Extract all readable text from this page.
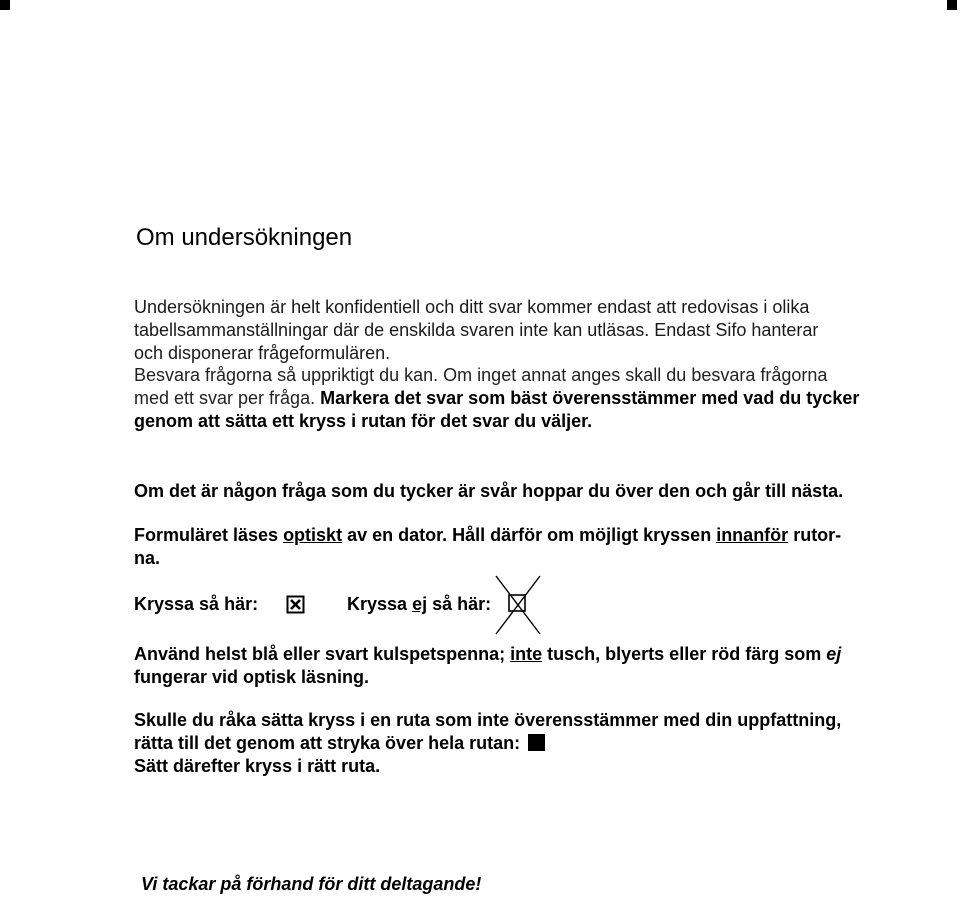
Om undersökningen

Undersökningen är helt konfidentiell och ditt svar kommer endast att redovisas i olika
tabellsammanställningar där de enskilda svaren inte kan utläsas. Endast Sifo hanterar
och disponerar frågeformulären.

Besvara frågorna så uppriktigt du kan. Om inget annat anges skall du besvara frågorna
med ett svar per fråga. Markera det svar som bäst överensstämmer med vad du tycker
genom att sätta ett kryss i rutan för det svar du väljer.

Om det är någon fråga som du tycker är svår hoppar du över den och går till nästa.

Formuläret läses optiskt av en dator. Håll därför om möjligt kryssen innanför rutor-
na.

Kryssa så här:	Kryssa ej så här:

Använd helst blå eller svart kulspetspenna; inte tusch, blyerts eller röd färg som ej
fungerar vid optisk läsning.

Skulle du råka sätta kryss i en ruta som inte överensstämmer med din uppfattning,
rätta till det genom att stryka över hela rutan:
Sätt därefter kryss i rätt ruta.

Vi tackar på förhand för ditt deltagande!
